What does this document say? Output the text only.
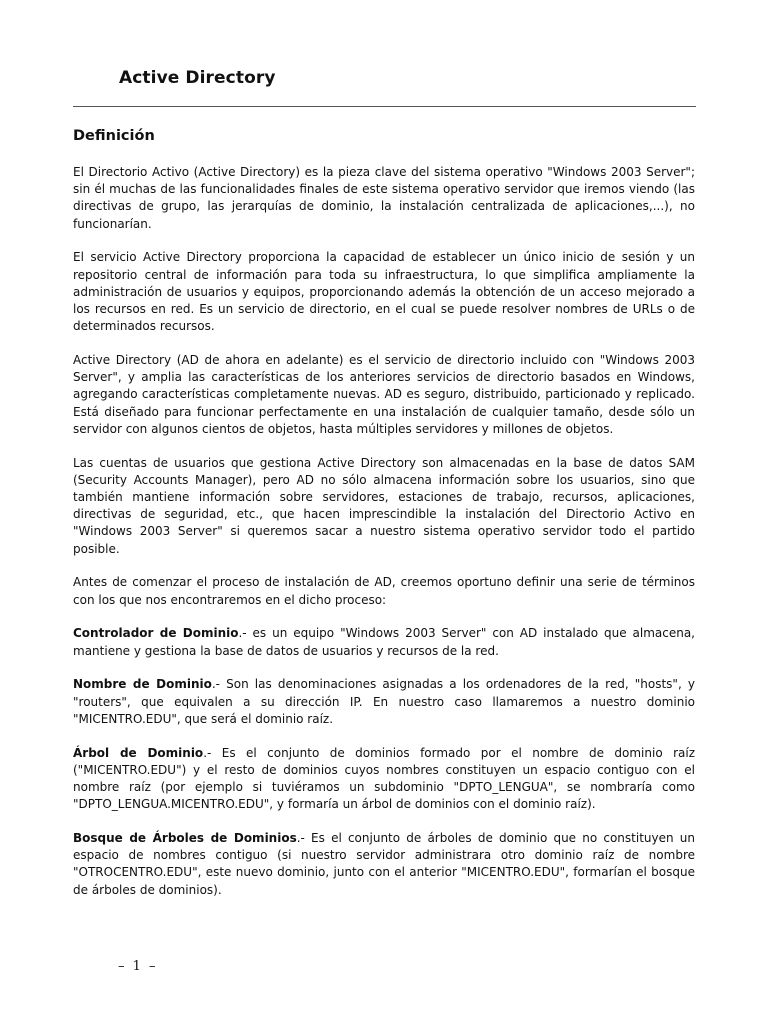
Active Directory
Definición

El Directorio Activo (Active Directory) es la pieza clave del sistema operativo "Windows 2003 Server"; sin él muchas de las funcionalidades finales de este sistema operativo servidor que iremos viendo (las directivas de grupo, las jerarquías de dominio, la instalación centralizada de aplicaciones,...), no funcionarían.

El servicio Active Directory proporciona la capacidad de establecer un único inicio de sesión y un repositorio central de información para toda su infraestructura, lo que simplifica ampliamente la administración de usuarios y equipos, proporcionando además la obtención de un acceso mejorado a los recursos en red. Es un servicio de directorio, en el cual se puede resolver nombres de URLs o de determinados recursos.

Active Directory (AD de ahora en adelante) es el servicio de directorio incluido con "Windows 2003 Server", y amplia las características de los anteriores servicios de directorio basados en Windows, agregando características completamente nuevas. AD es seguro, distribuido, particionado y replicado. Está diseñado para funcionar perfectamente en una instalación de cualquier tamaño, desde sólo un servidor con algunos cientos de objetos, hasta múltiples servidores y millones de objetos.

Las cuentas de usuarios que gestiona Active Directory son almacenadas en la base de datos SAM (Security Accounts Manager), pero AD no sólo almacena información sobre los usuarios, sino que también mantiene información sobre servidores, estaciones de trabajo, recursos, aplicaciones, directivas de seguridad, etc., que hacen imprescindible la instalación del Directorio Activo en "Windows 2003 Server" si queremos sacar a nuestro sistema operativo servidor todo el partido posible.

Antes de comenzar el proceso de instalación de AD, creemos oportuno definir una serie de términos con los que nos encontraremos en el dicho proceso:

Controlador de Dominio.- es un equipo "Windows 2003 Server" con AD instalado que almacena, mantiene y gestiona la base de datos de usuarios y recursos de la red.

Nombre de Dominio.- Son las denominaciones asignadas a los ordenadores de la red, "hosts", y "routers", que equivalen a su dirección IP. En nuestro caso llamaremos a nuestro dominio "MICENTRO.EDU", que será el dominio raíz.

Árbol de Dominio.- Es el conjunto de dominios formado por el nombre de dominio raíz ("MICENTRO.EDU") y el resto de dominios cuyos nombres constituyen un espacio contiguo con el nombre raíz (por ejemplo si tuviéramos un subdominio "DPTO_LENGUA", se nombraría como "DPTO_LENGUA.MICENTRO.EDU", y formaría un árbol de dominios con el dominio raíz).

Bosque de Árboles de Dominios.- Es el conjunto de árboles de dominio que no constituyen un espacio de nombres contiguo (si nuestro servidor administrara otro dominio raíz de nombre "OTROCENTRO.EDU", este nuevo dominio, junto con el anterior "MICENTRO.EDU", formarían el bosque de árboles de dominios).

– 1 –
